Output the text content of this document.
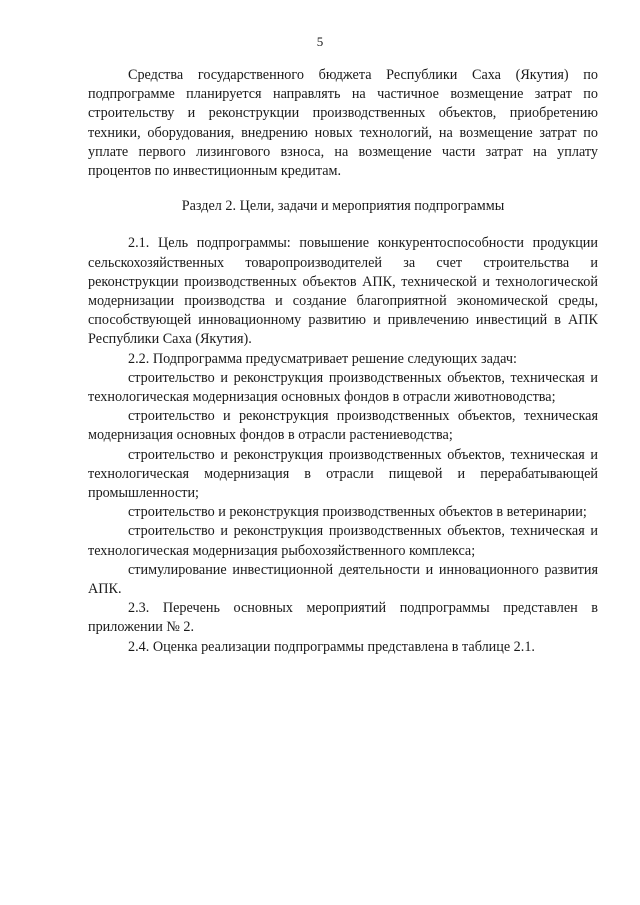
5

Средства государственного бюджета Республики Саха (Якутия) по подпрограмме планируется направлять на частичное возмещение затрат по строительству и реконструкции производственных объектов, приобретению техники, оборудования, внедрению новых технологий, на возмещение затрат по уплате первого лизингового взноса, на возмещение части затрат на уплату процентов по инвестиционным кредитам.

Раздел 2. Цели, задачи и мероприятия подпрограммы

2.1. Цель подпрограммы: повышение конкурентоспособности продукции сельскохозяйственных товаропроизводителей за счет строительства и реконструкции производственных объектов АПК, технической и технологической модернизации производства и создание благоприятной экономической среды, способствующей инновационному развитию и привлечению инвестиций в АПК Республики Саха (Якутия).

2.2. Подпрограмма предусматривает решение следующих задач:

строительство и реконструкция производственных объектов, техническая и технологическая модернизация основных фондов в отрасли животноводства;

строительство и реконструкция производственных объектов, техническая модернизация основных фондов в отрасли растениеводства;

строительство и реконструкция производственных объектов, техническая и технологическая модернизация в отрасли пищевой и перерабатывающей промышленности;

строительство и реконструкция производственных объектов в ветеринарии;

строительство и реконструкция производственных объектов, техническая и технологическая модернизация рыбохозяйственного комплекса;

стимулирование инвестиционной деятельности и инновационного развития АПК.

2.3. Перечень основных мероприятий подпрограммы представлен в приложении № 2.

2.4. Оценка реализации подпрограммы представлена в таблице 2.1.
